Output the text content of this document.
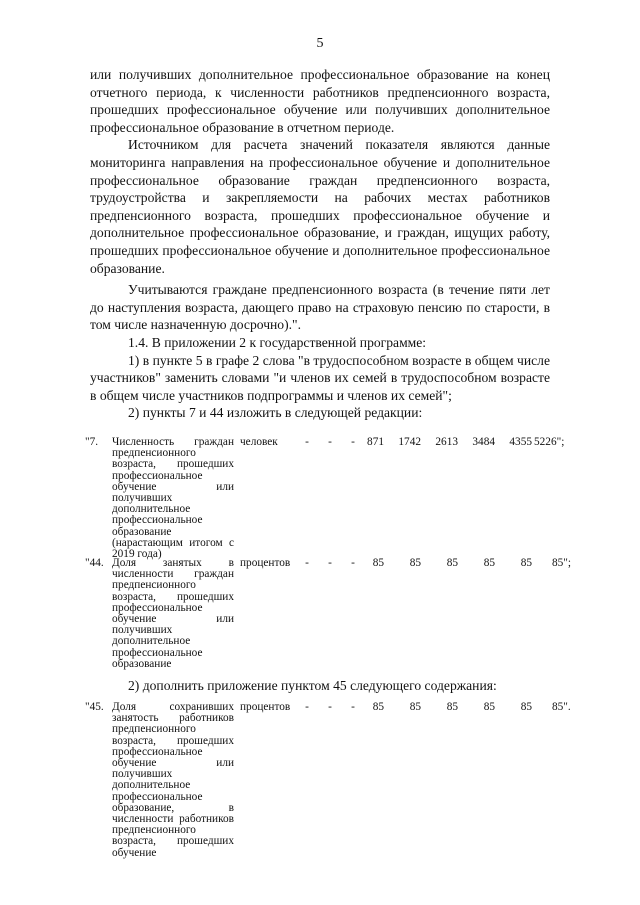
5

или получивших дополнительное профессиональное образование на конец отчетного периода, к численности работников предпенсионного возраста, прошедших профессиональное обучение или получивших дополнительное профессиональное образование в отчетном периоде.

Источником для расчета значений показателя являются данные мониторинга направления на профессиональное обучение и дополнительное профессиональное образование граждан предпенсионного возраста, трудоустройства и закрепляемости на рабочих местах работников предпенсионного возраста, прошедших профессиональное обучение и дополнительное профессиональное образование, и граждан, ищущих работу, прошедших профессиональное обучение и дополнительное профессиональное образование.

Учитываются граждане предпенсионного возраста (в течение пяти лет до наступления возраста, дающего право на страховую пенсию по старости, в том числе назначенную досрочно).".

1.4. В приложении 2 к государственной программе:

1) в пункте 5 в графе 2 слова "в трудоспособном возрасте в общем числе участников" заменить словами "и членов их семей в трудоспособном возрасте в общем числе участников подпрограммы и членов их семей";

2) пункты 7 и 44 изложить в следующей редакции:

"7. Численность граждан предпенсионного возраста, прошедших профессиональное обучение или получивших дополнительное профессиональное образование (нарастающим итогом с 2019 года)
человек - - -	871	1742	2613	3484	4355 5226";
"44. Доля занятых в численности граждан предпенсионного возраста, прошедших профессиональное обучение или получивших дополнительное профессиональное образование
процентов - - -	85	85	85	85	85 85";
2) дополнить приложение пунктом 45 следующего содержания:
"45. Доля сохранивших занятость работников предпенсионного возраста, прошедших профессиональное обучение или получивших дополнительное профессиональное образование, в численности работников предпенсионного возраста, прошедших обучение
процентов - - -	85	85	85	85	85 85".
